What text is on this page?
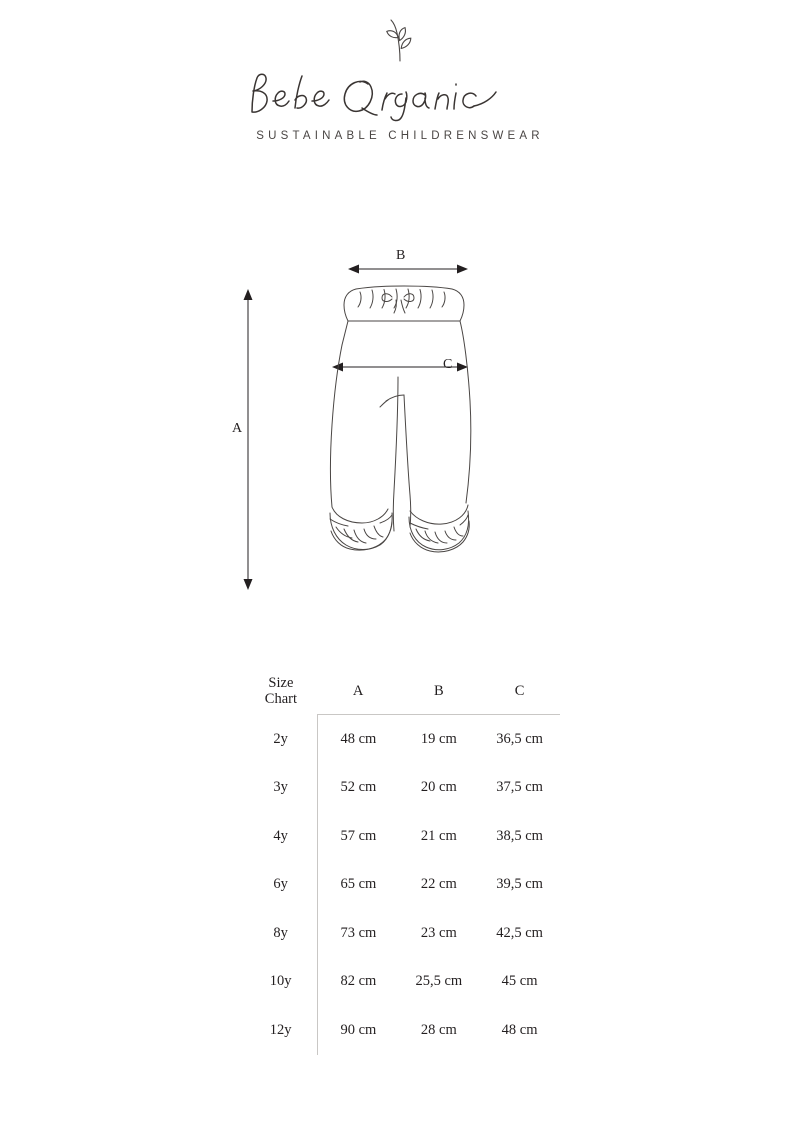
SUSTAINABLE CHILDRENSWEAR
A
B
C
Size
Chart	A	B	C
2y	48 cm	19 cm	36,5 cm
3y	52 cm	20 cm	37,5 cm
4y	57 cm	21 cm	38,5 cm
6y	65 cm	22 cm	39,5 cm
8y	73 cm	23 cm	42,5 cm
10y	82 cm	25,5 cm	45 cm
12y	90 cm	28 cm	48 cm
